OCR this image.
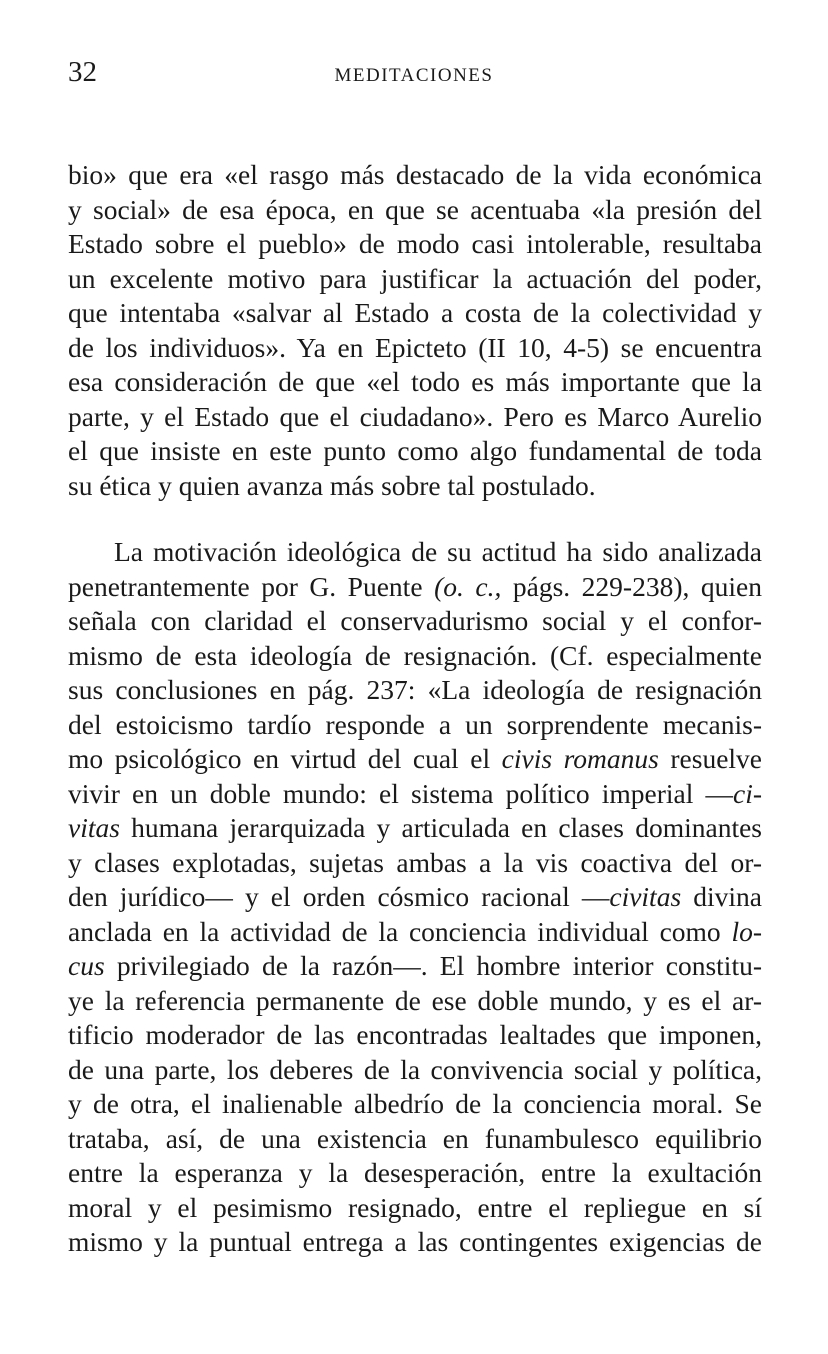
32	MEDITACIONES
bio» que era «el rasgo más destacado de la vida económica
y social» de esa época, en que se acentuaba «la presión del
Estado sobre el pueblo» de modo casi intolerable, resultaba
un excelente motivo para justificar la actuación del poder,
que intentaba «salvar al Estado a costa de la colectividad y
de los individuos». Ya en Epicteto (II 10, 4-5) se encuentra
esa consideración de que «el todo es más importante que la
parte, y el Estado que el ciudadano». Pero es Marco Aurelio
el que insiste en este punto como algo fundamental de toda
su ética y quien avanza más sobre tal postulado.
La motivación ideológica de su actitud ha sido analizada
penetrantemente por G. Puente (o. c., págs. 229-238), quien
señala con claridad el conservadurismo social y el confor-
mismo de esta ideología de resignación. (Cf. especialmente
sus conclusiones en pág. 237: «La ideología de resignación
del estoicismo tardío responde a un sorprendente mecanis-
mo psicológico en virtud del cual el civis romanus resuelve
vivir en un doble mundo: el sistema político imperial —ci-
vitas humana jerarquizada y articulada en clases dominantes
y clases explotadas, sujetas ambas a la vis coactiva del or-
den jurídico— y el orden cósmico racional —civitas divina
anclada en la actividad de la conciencia individual como lo-
cus privilegiado de la razón—. El hombre interior constitu-
ye la referencia permanente de ese doble mundo, y es el ar-
tificio moderador de las encontradas lealtades que imponen,
de una parte, los deberes de la convivencia social y política,
y de otra, el inalienable albedrío de la conciencia moral. Se
trataba, así, de una existencia en funambulesco equilibrio
entre la esperanza y la desesperación, entre la exultación
moral y el pesimismo resignado, entre el repliegue en sí
mismo y la puntual entrega a las contingentes exigencias de
